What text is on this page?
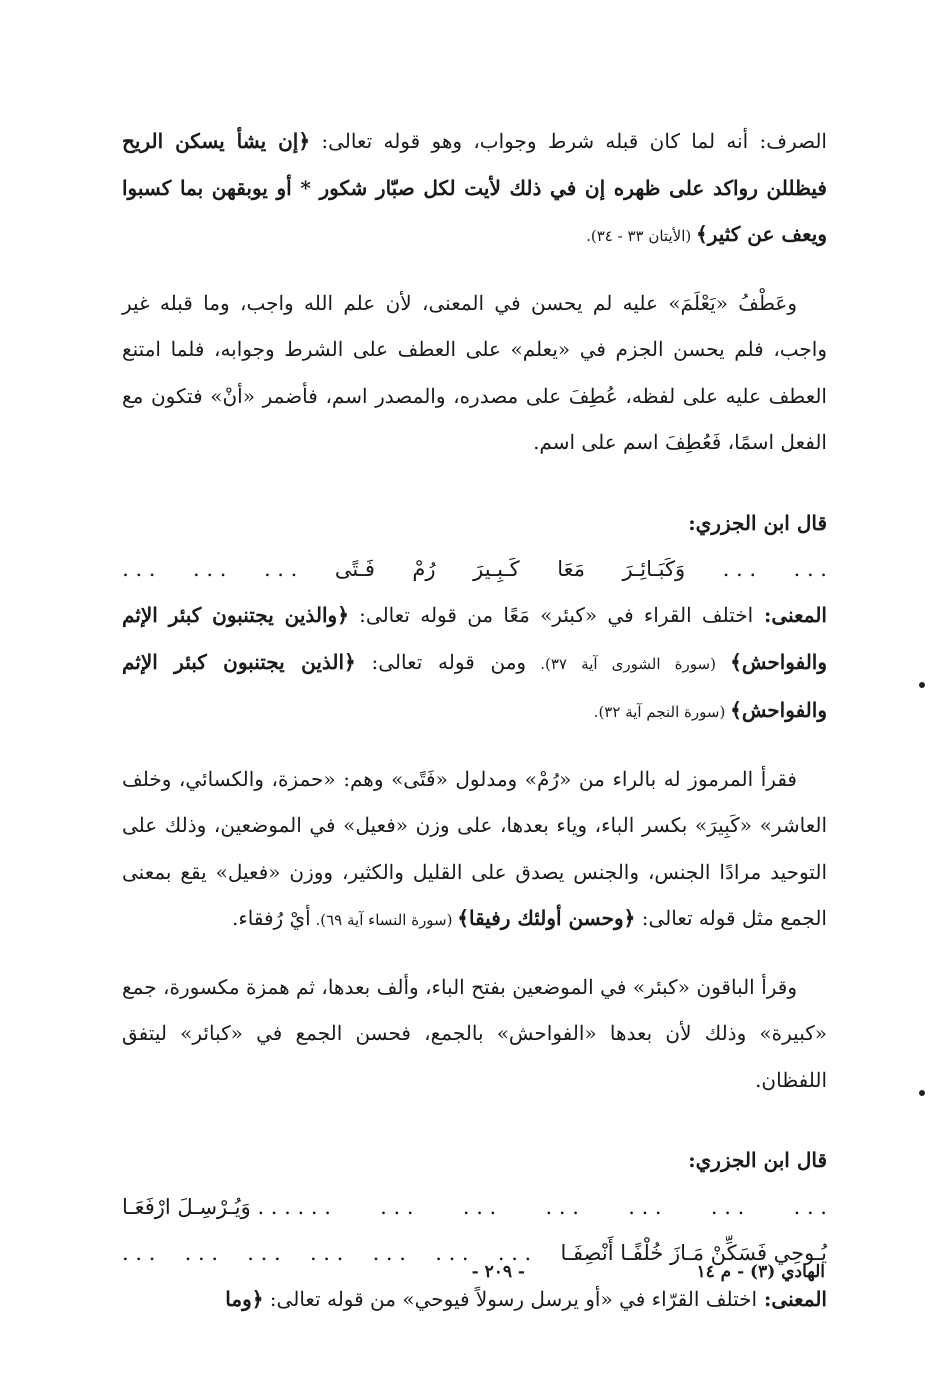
الصرف: أنه لما كان قبله شرط وجواب، وهو قوله تعالى: ﴿إن يشأ يسكن الريح فيظللن رواكد على ظهره إن في ذلك لأيت لكل صبّار شكور * أو يوبقهن بما كسبوا ويعف عن كثير﴾ (الأيتان ٣٣ - ٣٤).

وعَطْفُ «يَعْلَمَ» عليه لم يحسن في المعنى، لأن علم الله واجب، وما قبله غير واجب، فلم يحسن الجزم في «يعلم» على العطف على الشرط وجوابه، فلما امتنع العطف عليه على لفظه، عُطِفَ على مصدره، والمصدر اسم، فأضمر «أنْ» فتكون مع الفعل اسمًا، فَعُطِفَ اسم على اسم.

قال ابن الجزري:
. . .
. . .
وَكَبَـائِـرَ
مَعَا
كَـبِـيرَ
رُمْ
فَـتًى
. . .
. . .
. . .

المعنى: اختلف القراء في «كبئر» مَعًا من قوله تعالى: ﴿والذين يجتنبون كبئر الإثم والفواحش﴾ (سورة الشورى آية ٣٧). ومن قوله تعالى: ﴿الذين يجتنبون كبئر الإثم والفواحش﴾ (سورة النجم آية ٣٢).

فقرأ المرموز له بالراء من «رُمْ» ومدلول «فَتًى» وهم: «حمزة، والكسائي، وخلف العاشر» «كَبِيرَ» بكسر الباء، وياء بعدها، على وزن «فعيل» في الموضعين، وذلك على التوحيد مرادًا الجنس، والجنس يصدق على القليل والكثير، ووزن «فعيل» يقع بمعنى الجمع مثل قوله تعالى: ﴿وحسن أولئك رفيقا﴾ (سورة النساء آية ٦٩). أيْ رُفقاء.

وقرأ الباقون «كبئر» في الموضعين بفتح الباء، وألف بعدها، ثم همزة مكسورة، جمع «كبيرة» وذلك لأن بعدها «الفواحش» بالجمع، فحسن الجمع في «كبائر» ليتفق اللفظان.

قال ابن الجزري:
. . .
. . .
. . .
. . .
. . .
. . .
. . . . . . وَيُـرْسِـلَ ارْفَعَـا
يُـوحِي فَسَكِّنْ مَـازَ خُلْفًـا أَنْصِفَـا
. . .
. . .
. . .
. . .
. . .
. . .
. . .

المعنى: اختلف القرّاء في «أو يرسل رسولاً فيوحي» من قوله تعالى: ﴿وما

الهادي (٣) - م ١٤
- ٢٠٩ -
